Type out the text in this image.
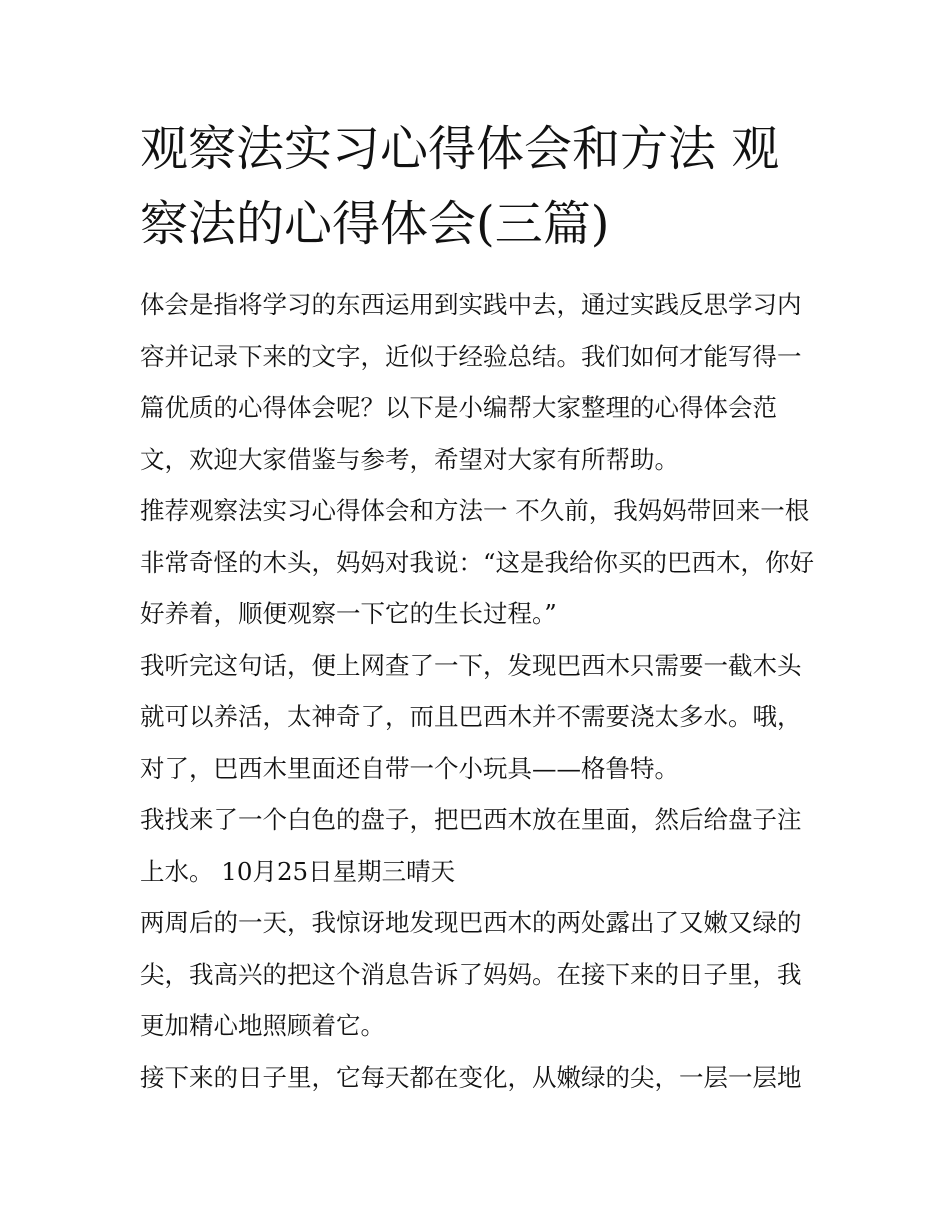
观察法实习心得体会和方法 观察法的心得体会(三篇)

体会是指将学习的东西运用到实践中去，通过实践反思学习内容并记录下来的文字，近似于经验总结。我们如何才能写得一篇优质的心得体会呢？以下是小编帮大家整理的心得体会范文，欢迎大家借鉴与参考，希望对大家有所帮助。

推荐观察法实习心得体会和方法一 不久前，我妈妈带回来一根非常奇怪的木头，妈妈对我说：“这是我给你买的巴西木，你好好养着，顺便观察一下它的生长过程。”

我听完这句话，便上网查了一下，发现巴西木只需要一截木头就可以养活，太神奇了，而且巴西木并不需要浇太多水。哦，对了，巴西木里面还自带一个小玩具——格鲁特。

我找来了一个白色的盘子，把巴西木放在里面，然后给盘子注上水。 10月25日星期三晴天

两周后的一天，我惊讶地发现巴西木的两处露出了又嫩又绿的尖，我高兴的把这个消息告诉了妈妈。在接下来的日子里，我更加精心地照顾着它。

接下来的日子里，它每天都在变化，从嫩绿的尖，一层一层地
